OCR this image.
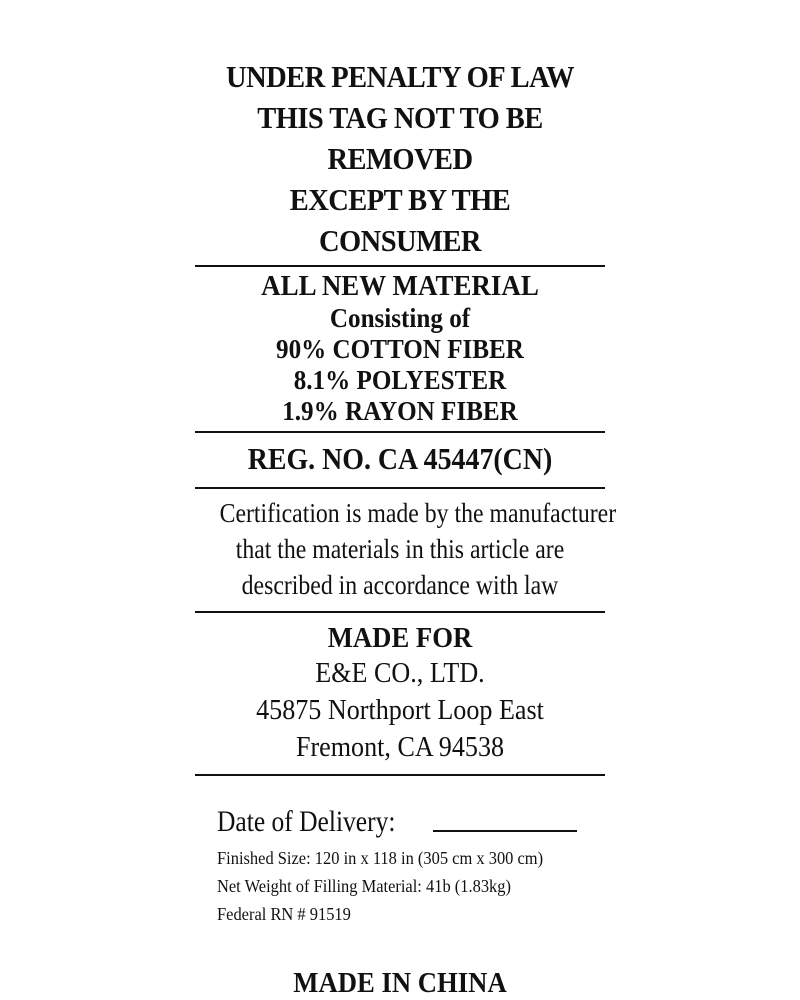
UNDER PENALTY OF LAW
THIS TAG NOT TO BE REMOVED
EXCEPT BY THE CONSUMER
ALL NEW MATERIAL
Consisting of
90% COTTON FIBER
8.1% POLYESTER
1.9% RAYON FIBER
REG. NO. CA 45447(CN)
Certification is made by the manufacturer
that the materials in this article are
described in accordance with law
MADE FOR
E&E CO., LTD.
45875 Northport Loop East
Fremont, CA 94538
Date of Delivery:
Finished Size: 120 in x 118 in (305 cm x 300 cm)
Net Weight of Filling Material: 41b (1.83kg)
Federal RN # 91519
MADE IN CHINA
